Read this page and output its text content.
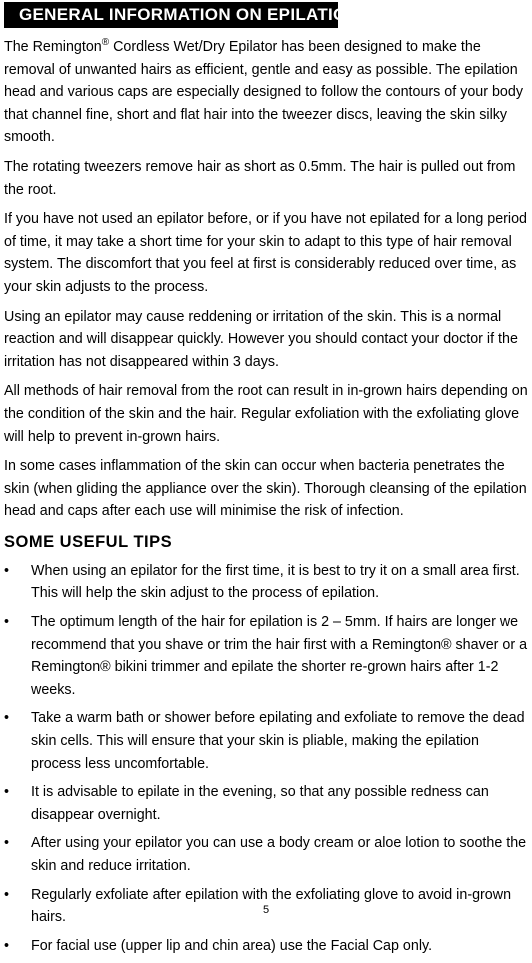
GENERAL INFORMATION ON EPILATION

The Remington® Cordless Wet/Dry Epilator has been designed to make the removal of unwanted hairs as efficient, gentle and easy as possible. The epilation head and various caps are especially designed to follow the contours of your body that channel fine, short and flat hair into the tweezer discs, leaving the skin silky smooth.

The rotating tweezers remove hair as short as 0.5mm. The hair is pulled out from the root.

If you have not used an epilator before, or if you have not epilated for a long period of time, it may take a short time for your skin to adapt to this type of hair removal system. The discomfort that you feel at first is considerably reduced over time, as your skin adjusts to the process.

Using an epilator may cause reddening or irritation of the skin. This is a normal reaction and will disappear quickly. However you should contact your doctor if the irritation has not disappeared within 3 days.

All methods of hair removal from the root can result in in-grown hairs depending on the condition of the skin and the hair. Regular exfoliation with the exfoliating glove will help to prevent in-grown hairs.

In some cases inflammation of the skin can occur when bacteria penetrates the skin (when gliding the appliance over the skin). Thorough cleansing of the epilation head and caps after each use will minimise the risk of infection.

SOME USEFUL TIPS
• When using an epilator for the first time, it is best to try it on a small area first. This will help the skin adjust to the process of epilation.
• The optimum length of the hair for epilation is 2 – 5mm. If hairs are longer we recommend that you shave or trim the hair first with a Remington® shaver or a Remington® bikini trimmer and epilate the shorter re-grown hairs after 1-2 weeks.
• Take a warm bath or shower before epilating and exfoliate to remove the dead skin cells. This will ensure that your skin is pliable, making the epilation process less uncomfortable.
• It is advisable to epilate in the evening, so that any possible redness can disappear overnight.
• After using your epilator you can use a body cream or aloe lotion to soothe the skin and reduce irritation.
• Regularly exfoliate after epilation with the exfoliating glove to avoid in-grown hairs.
• For facial use (upper lip and chin area) use the Facial Cap only.
5
